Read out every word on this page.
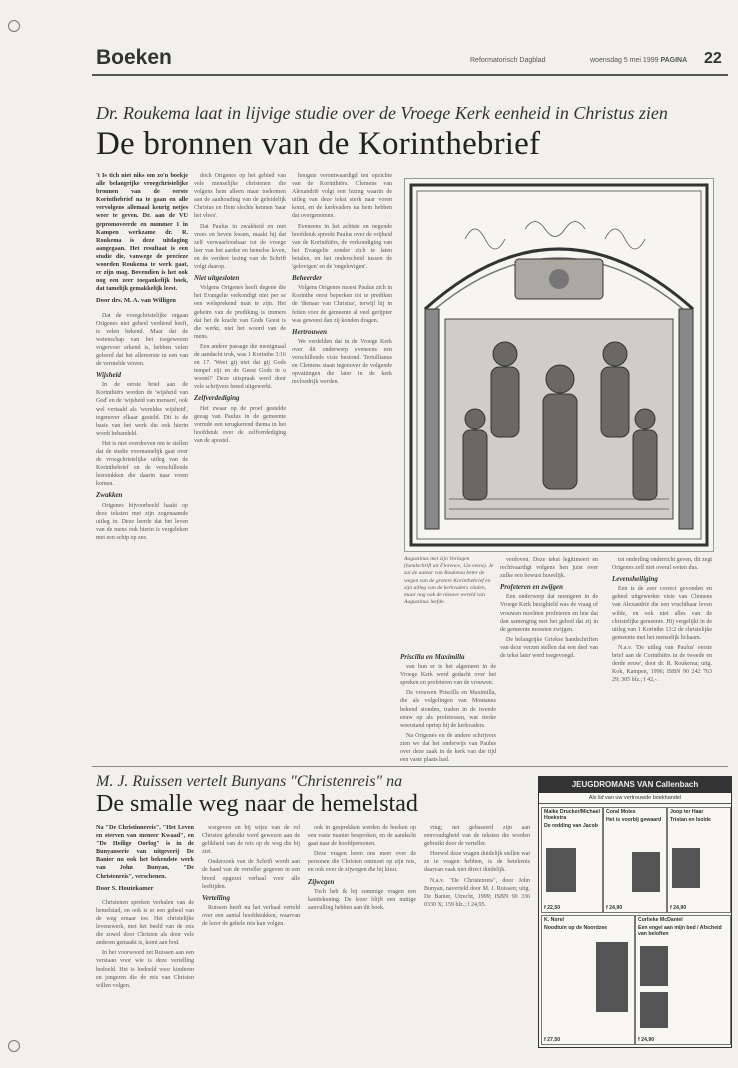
Boeken	Reformatorisch Dagblad	woensdag 5 mei 1999 PAGINA 22
Dr. Roukema laat in lijvige studie over de Vroege Kerk eenheid in Christus zien
De bronnen van de Korinthebrief
't Is tich niet niks om zo'n boekje alle belangrijke vroegchristelijke bronnen van de eerste Korinthebrief na te gaan en alle vervolgens allemaal keurig netjes weer te geven. Dr. aan de VU gepromoveerde en nummer 1 in Kampen werkzame dr. R. Roukema is deze uitdaging aangegaan. Het resultaat is een studie die, vanwege de precieze woorden Roukema te werk gaat, er zijn mag. Bovendien is het ook nog een zeer toegankelijk boek, dat tamelijk gemakkelijk leest.
Door drs. M. A. van Willigen

Dat de vroegchristelijke orgaan Origenes niet geheel verdiend heeft, is velen bekend. Maar dat de wetenschap van het toegewezen vogervoer erkend is, hebben velen geleerd dat het allereerste in een van de vermelde verzen.

Wijsheid

In de eerste brief aan de Korinthiërs worden de 'wijsheid van God' en de 'wijsheid van mensen', ook wel vertaald als 'wereldse wijsheid', tegenover elkaar gesteld. Dit is de basis van het werk die ook hierin wordt behandeld.

Het is niet overdreven om te stellen dat de studie voornamelijk gaat over de vroegchristelijke uitleg van de Korinthebrief en de verschillende leerstukken die daarin naar voren komen.

Zwakken

Origenes bijvoorbeeld haakt op deze teksten met zijn zogenaamde uitleg in. Deze leerde dat het leven van de mens ook hierin is vergeleken met een schip op zee.

doch Origenes op het gebied van vele menselijke christenen die volgens hem alleen maar toekomen aan de aanhouding van de geleidelijk Christus en Hem slechts kennen 'naar het vlees'.

Dat Paulus in zwakheid en met vrees en beven kwam, maakt hij dat zelf verwaarloosbaar tot de vroege leer van het aardse en hemelse leven, en de verdere lezing van de Schrift volgt daarop.

Niet uitgesloten

Volgens Origenes heeft degene die het Evangelie verkondigt niet per se een welsprekend man te zijn. Het geheim van de prediking is immers dat het de kracht van Gods Geest is die werkt, niet het woord van de mens.

Een andere passage die menigmaal de aandacht trok, was 1 Korinthe 3:16 en 17. 'Weet gij niet dat gij Gods tempel zijt en de Geest Gods in u woont?' Deze uitspraak werd door vele schrijvers breed uitgewerkt.

Zelfverdediging

Het zwaar op de proef gestelde gezag van Paulus in de gemeente vormde een terugkerend thema in het hoofdstuk over de zelfverdediging van de apostel.

hoogste verontwaardigd ten opzichte van de Korinthiërs. Clemens van Alexandrië volgt een lezing waarin de uitleg van deze tekst sterk naar voren komt, en de kerkvaders na hem hebben dat overgenomen.

Eveneens in het achtste en negende hoofdstuk spreekt Paulus over de vrijheid van de Korinthiërs, de verkondiging van het Evangelie zonder zich te laten betalen, en het onderscheid tussen de 'gelovigen' en de 'ongelovigen'.

Beheerder

Volgens Origenes moest Paulus zich in Korinthe eerst beperken tot te prediken de 'dienaar van Christus', terwijl hij in feiten voor de gemeente al veel gerijpter was geweest dan zij konden dragen.

Hertrouwen

We verdelden dat in de Vroege Kerk over dit onderwerp eveneens een verschillende visie bestond. Tertullianus en Clemens staan tegenover de volgende opvattingen die later in de kerk invloedrijk werden.

Augustinus met zijn Vorlagen (handschrift uit Florence, 12e eeuw). Je zal de auteur van Roukema beter de wegen van de grotere Korinthebrief en zijn uitleg van de kerkvaders vinden, maar nog ook de nieuwe wereld van Augustinus leefde.

verdoven. Deze tekst legitimeert en rechtvaardigt volgens hen juist over zulke een bewust huwelijk.

Profeteren en zwijgen

Een onderwerp dat menigeen in de Vroege Kerk bezighield was de vraag of vrouwen mochten profeteren en hoe dat dan samenging met het gebod dat zij in de gemeente moesten zwijgen.

De belangrijke Griekse handschriften van deze verzen stellen dat een deel van de tekst later werd toegevoegd.

Priscilla en Maximilla

van hun er is het algemeen in de Vroege Kerk werd gedacht over het spreken en profeteren van de vrouwen.

De vrouwen Priscilla en Maximilla, die als volgelingen van Montanus bekend stonden, traden in de tweede eeuw op als profetessen, wat sterke weerstand opriep bij de kerkvaders.

Na Origenes en de andere schrijvers zien we dat het onderwijs van Paulus over deze zaak in de kerk van die tijd een vaste plaats had.

tot onderling onderricht geven, dit zegt Origenes zelf niet overal weten dus.

Levensheiliging

Een is de zeer correct gevonden en geheel uitgewerkte visie van Clemens van Alexandrië die een vruchtbaar leven wilde, en ook niet alles van de christelijke gemeente. Hij vergelijkt in de uitleg van 1 Korinthe 13:2 de christelijke gemeente met het menselijk lichaam.

N.a.v. 'De uitleg van Paulus' eerste brief aan de Corinthiërs in de tweede en derde eeuw', door dr. R. Roukema; uitg. Kok, Kampen, 1996; ISBN 90 242 763 29; 305 blz.; f 42,-.

M. J. Ruissen vertelt Bunyans "Christenreis" na
De smalle weg naar de hemelstad
Na "De Christinnereis", "Het Leven en sterven van meneer Kwaad", en "De Heilige Oorlog" is in de Bunyanserie van uitgeverij De Banier nu ook het bekendste werk van John Bunyan, "De Christenreis", verschenen.
Door S. Houtekamer

Christenen spreken verhalen van de hemelstad, en ook is er een geheel van de weg ernaar toe. Het christelijke levenswerk, met het beeld van de reis die zowel door Christen als door vele anderen gemaakt is, komt aan bod.

In het voorwoord zet Ruissen aan een verstaan voor wie is deze vertelling bedoeld. Het is bedoeld voor kinderen en jongeren die de reis van Christen willen volgen.

wergeven en bij wijze van de rol Christen gebruikt werd gewezen aan de gelikheid van de reis op de weg die hij ziet.

Onderzoek van de Schrift wordt aan de hand van de verteller gegeven in een breed opgezet verhaal voor alle leeftijden.

Vertelling

Ruissen heeft nu het verhaal verteld over een aantal hoofdstukken, waarvan de lezer de gehele reis kan volgen.

ook in gesprekken werden de boeken op een vaste manier besproken, en de aandacht gaat naar de hoofdpersonen.

Deze vragen leren ons meer over de personen die Christen ontmoet op zijn reis, en ook over de zijwegen die hij kiest.

Zijwegen

Toch heb ik bij sommige vragen een kanttekening. De lezer blijft een nuttige aanvulling hebben aan dit boek.

ving; net gebaseerd zijn aan eenvoudigheid van de teksten die worden gebruikt door de verteller.

Hoewel deze vragen duidelijk stellen wat ze te vragen hebben, is de betekenis daarvan vaak niet direct duidelijk.

N.a.v. "De Christenreis", door John Bunyan, naverteld door M. J. Ruissen; uitg. De Banier, Utrecht, 1999; ISBN 90 336 0330 X; 159 blz.; f 24,95.

JEUGDROMANS VAN Callenbach
Als lid van uw vertrouwde boekhandel
Maike Drucker/Michael Hoekstra
De redding van Jacob
f 22,50
Coral Motes
Het is voorbij gewaard
f 24,90
Joop ter Haar
Tristan en Isolde
f 24,90
K. Norel
Noodtuin op de Noordzee
f 27,50
Corlieke McDaniel
Een engel aan mijn bed / Afscheid van beloften
f 24,90
